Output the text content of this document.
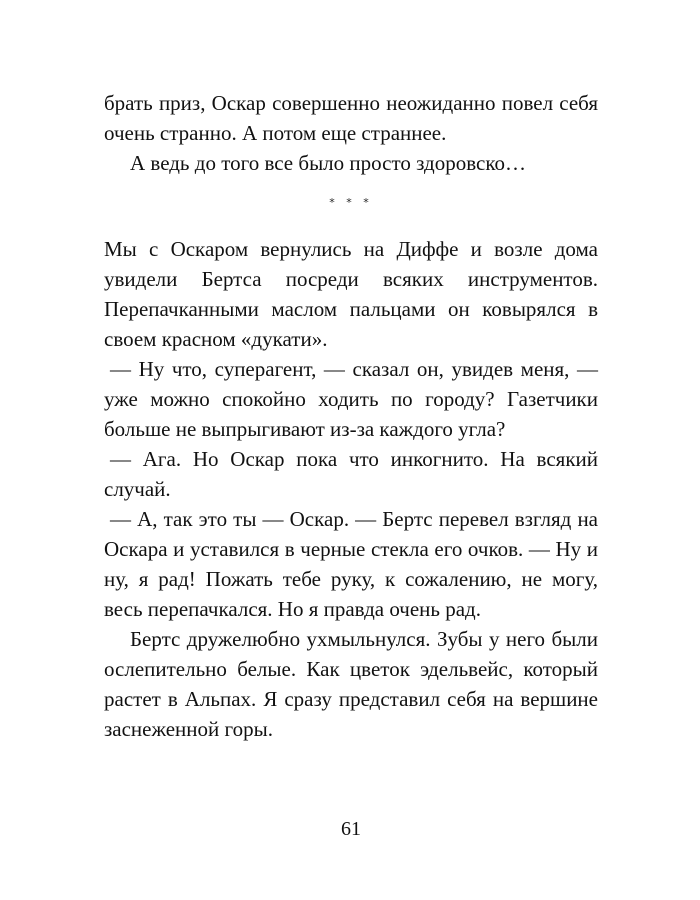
брать приз, Оскар совершенно неожиданно повел себя очень странно. А потом еще страннее.

А ведь до того все было просто здоровско…

* * *

Мы с Оскаром вернулись на Диффе и возле дома увидели Бертса посреди всяких инструментов. Перепачканными маслом пальцами он ковырялся в своем красном «дукати».

— Ну что, суперагент, — сказал он, увидев меня, — уже можно спокойно ходить по городу? Газетчики больше не выпрыгивают из-за каждого угла?

— Ага. Но Оскар пока что инкогнито. На всякий случай.

— А, так это ты — Оскар. — Бертс перевел взгляд на Оскара и уставился в черные стекла его очков. — Ну и ну, я рад! Пожать тебе руку, к сожалению, не могу, весь перепачкался. Но я правда очень рад.

Бертс дружелюбно ухмыльнулся. Зубы у него были ослепительно белые. Как цветок эдельвейс, который растет в Альпах. Я сразу представил себя на вершине заснеженной горы.

61
